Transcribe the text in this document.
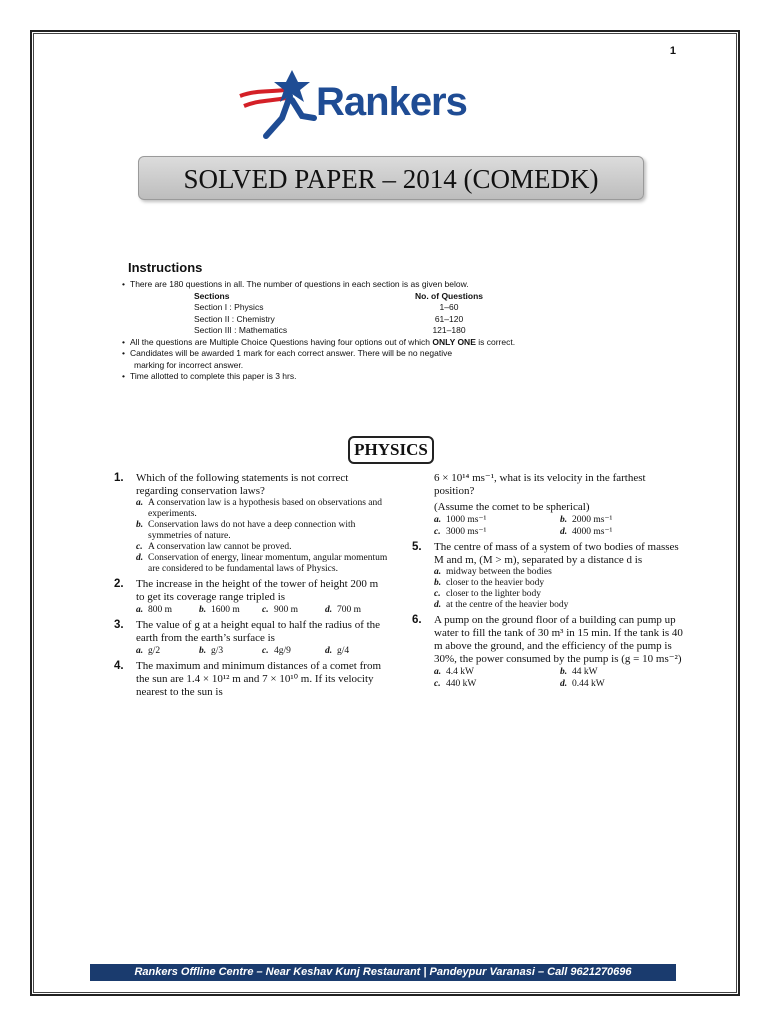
1
Rankers
SOLVED PAPER – 2014 (COMEDK)
Instructions
• There are 180 questions in all. The number of questions in each section is as given below.
Sections	No. of Questions
Section I : Physics	1–60
Section II : Chemistry	61–120
Section III : Mathematics	121–180
• All the questions are Multiple Choice Questions having four options out of which ONLY ONE is correct.
• Candidates will be awarded 1 mark for each correct answer. There will be no negative
marking for incorrect answer.
• Time allotted to complete this paper is 3 hrs.
PHYSICS
1. Which of the following statements is not correct regarding conservation laws?
a. A conservation law is a hypothesis based on observations and experiments.
b. Conservation laws do not have a deep connection with symmetries of nature.
c. A conservation law cannot be proved.
d. Conservation of energy, linear momentum, angular momentum are considered to be fundamental laws of Physics.
2. The increase in the height of the tower of height 200 m to get its coverage range tripled is
a. 800 m	b. 1600 m	c. 900 m	d. 700 m
3. The value of g at a height equal to half the radius of the earth from the earth’s surface is
a. g/2	b. g/3	c. 4g/9	d. g/4
4. The maximum and minimum distances of a comet from the sun are 1.4 × 10¹² m and 7 × 10¹⁰ m. If its velocity nearest to the sun is
6 × 10¹⁴ ms⁻¹, what is its velocity in the farthest position?
(Assume the comet to be spherical)
a. 1000 ms⁻¹	b. 2000 ms⁻¹
c. 3000 ms⁻¹	d. 4000 ms⁻¹
5. The centre of mass of a system of two bodies of masses M and m, (M > m), separated by a distance d is
a. midway between the bodies
b. closer to the heavier body
c. closer to the lighter body
d. at the centre of the heavier body
6. A pump on the ground floor of a building can pump up water to fill the tank of 30 m³ in 15 min. If the tank is 40 m above the ground, and the efficiency of the pump is 30%, the power consumed by the pump is (g = 10 ms⁻²)
a. 4.4 kW	b. 44 kW
c. 440 kW	d. 0.44 kW
Rankers Offline Centre – Near Keshav Kunj Restaurant | Pandeypur Varanasi – Call 9621270696
